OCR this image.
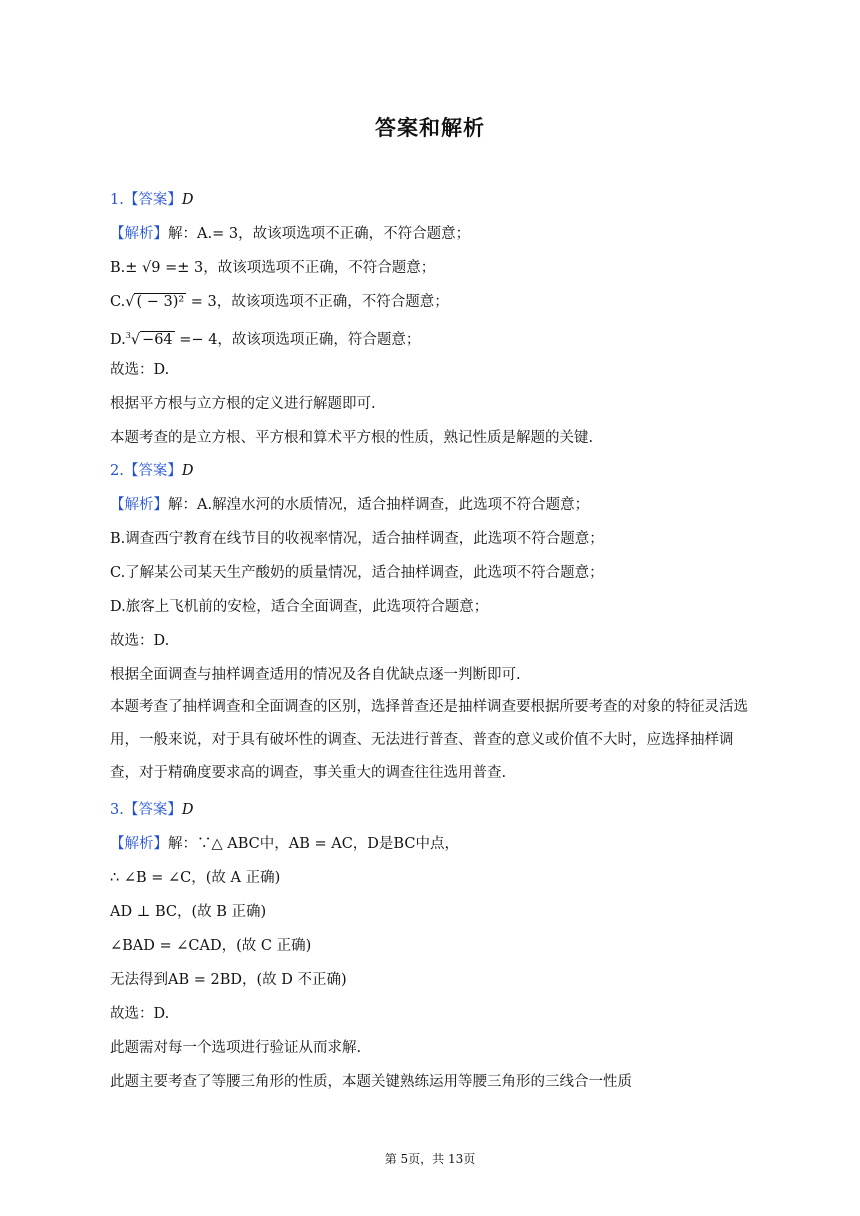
答案和解析
1.【答案】D
【解析】解：A.= 3，故该项选项不正确，不符合题意；
B.± √9 =± 3，故该项选项不正确，不符合题意；
C.√ ( − 3)² = 3，故该项选项不正确，不符合题意；
D.$^3$√ −64 =− 4，故该项选项正确，符合题意；
故选：D.
根据平方根与立方根的定义进行解题即可.
本题考查的是立方根、平方根和算术平方根的性质，熟记性质是解题的关键.
2.【答案】D
【解析】解：A.解湟水河的水质情况，适合抽样调查，此选项不符合题意；
B.调查西宁教育在线节目的收视率情况，适合抽样调查，此选项不符合题意；
C.了解某公司某天生产酸奶的质量情况，适合抽样调查，此选项不符合题意；
D.旅客上飞机前的安检，适合全面调查，此选项符合题意；
故选：D.
根据全面调查与抽样调查适用的情况及各自优缺点逐一判断即可.
本题考查了抽样调查和全面调查的区别，选择普查还是抽样调查要根据所要考查的对象的特征灵活选用，一般来说，对于具有破坏性的调查、无法进行普查、普查的意义或价值不大时，应选择抽样调查，对于精确度要求高的调查，事关重大的调查往往选用普查.
3.【答案】D
【解析】解：∵△ ABC中，AB = AC，D是BC中点，
∴ ∠B = ∠C，(故 A 正确)
AD ⊥ BC，(故 B 正确)
∠BAD = ∠CAD，(故 C 正确)
无法得到AB = 2BD，(故 D 不正确)
故选：D.
此题需对每一个选项进行验证从而求解.
此题主要考查了等腰三角形的性质，本题关键熟练运用等腰三角形的三线合一性质
第 5页，共 13页
